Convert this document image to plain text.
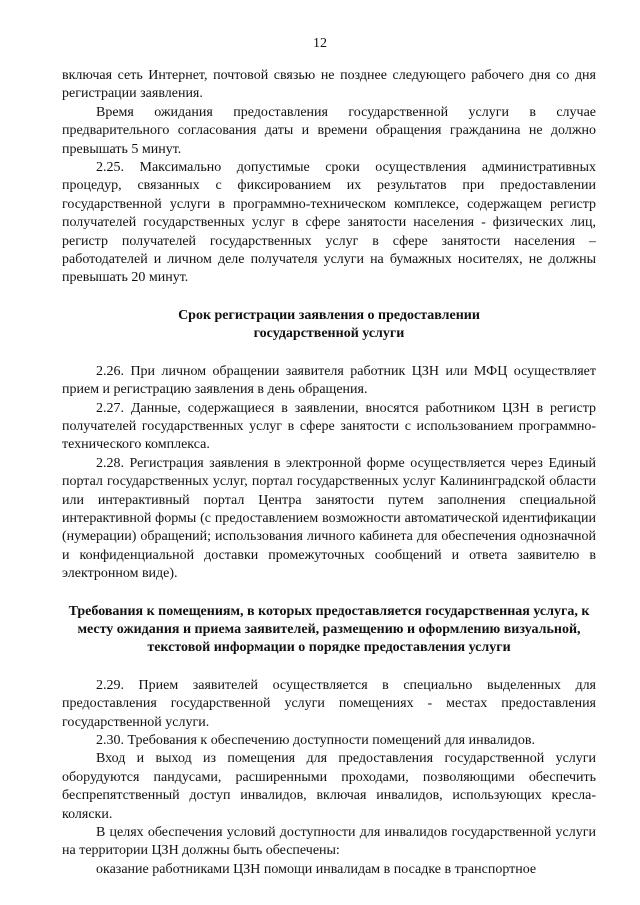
12

включая сеть Интернет, почтовой связью не позднее следующего рабочего дня со дня регистрации заявления.

Время ожидания предоставления государственной услуги в случае предварительного согласования даты и времени обращения гражданина не должно превышать 5 минут.

2.25. Максимально допустимые сроки осуществления административных процедур, связанных с фиксированием их результатов при предоставлении государственной услуги в программно-техническом комплексе, содержащем регистр получателей государственных услуг в сфере занятости населения - физических лиц, регистр получателей государственных услуг в сфере занятости населения – работодателей и личном деле получателя услуги на бумажных носителях, не должны превышать 20 минут.

Срок регистрации заявления о предоставлении государственной услуги

2.26. При личном обращении заявителя работник ЦЗН или МФЦ осуществляет прием и регистрацию заявления в день обращения.

2.27. Данные, содержащиеся в заявлении, вносятся работником ЦЗН в регистр получателей государственных услуг в сфере занятости с использованием программно-технического комплекса.

2.28. Регистрация заявления в электронной форме осуществляется через Единый портал государственных услуг, портал государственных услуг Калининградской области или интерактивный портал Центра занятости путем заполнения специальной интерактивной формы (с предоставлением возможности автоматической идентификации (нумерации) обращений; использования личного кабинета для обеспечения однозначной и конфиденциальной доставки промежуточных сообщений и ответа заявителю в электронном виде).

Требования к помещениям, в которых предоставляется государственная услуга, к месту ожидания и приема заявителей, размещению и оформлению визуальной, текстовой информации о порядке предоставления услуги

2.29. Прием заявителей осуществляется в специально выделенных для предоставления государственной услуги помещениях - местах предоставления государственной услуги.

2.30. Требования к обеспечению доступности помещений для инвалидов.

Вход и выход из помещения для предоставления государственной услуги оборудуются пандусами, расширенными проходами, позволяющими обеспечить беспрепятственный доступ инвалидов, включая инвалидов, использующих кресла-коляски.

В целях обеспечения условий доступности для инвалидов государственной услуги на территории ЦЗН должны быть обеспечены:

оказание работниками ЦЗН помощи инвалидам в посадке в транспортное
